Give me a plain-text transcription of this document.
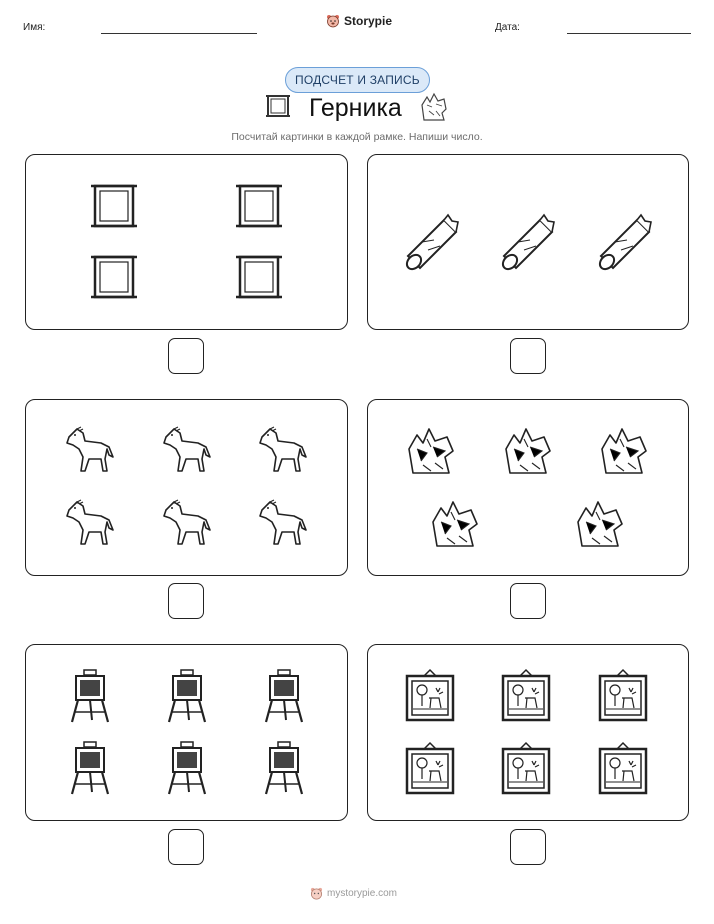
Имя:	Storypie	Дата:
ПОДСЧЕТ И ЗАПИСЬ
Герника
Посчитай картинки в каждой рамке. Напиши число.
mystorypie.com
